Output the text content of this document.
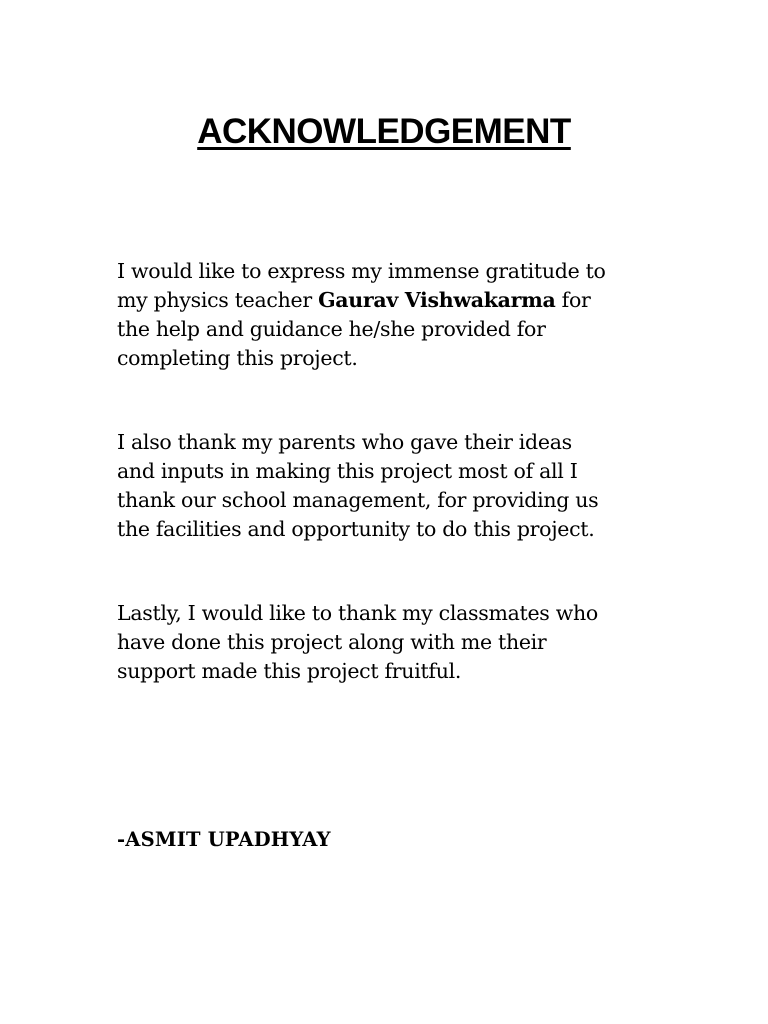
ACKNOWLEDGEMENT

I would like to express my immense gratitude to
my physics teacher Gaurav Vishwakarma for
the help and guidance he/she provided for
completing this project.

I also thank my parents who gave their ideas
and inputs in making this project most of all I
thank our school management, for providing us
the facilities and opportunity to do this project.

Lastly, I would like to thank my classmates who
have done this project along with me their
support made this project fruitful.

-ASMIT UPADHYAY
